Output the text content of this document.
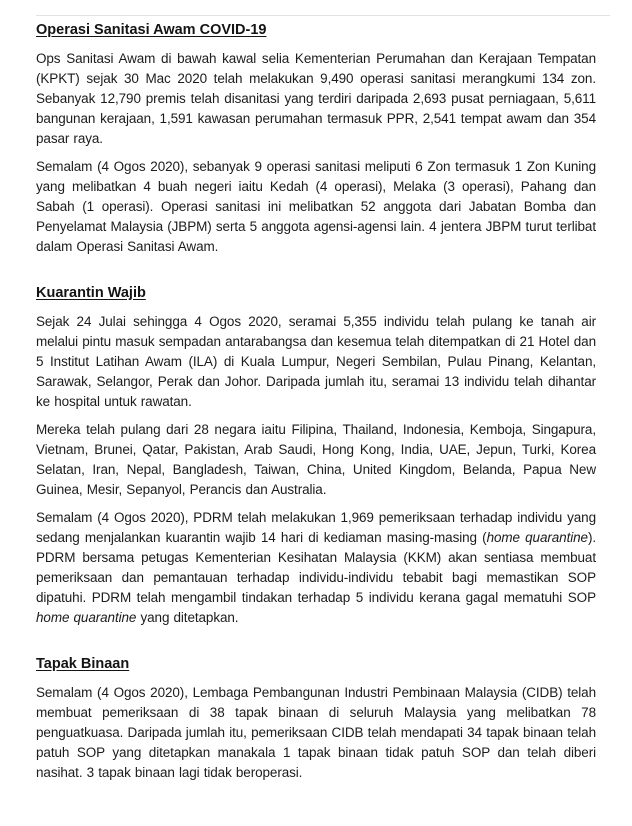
Operasi Sanitasi Awam COVID-19

Ops Sanitasi Awam di bawah kawal selia Kementerian Perumahan dan Kerajaan Tempatan (KPKT) sejak 30 Mac 2020 telah melakukan 9,490 operasi sanitasi merangkumi 134 zon. Sebanyak 12,790 premis telah disanitasi yang terdiri daripada 2,693 pusat perniagaan, 5,611 bangunan kerajaan, 1,591 kawasan perumahan termasuk PPR, 2,541 tempat awam dan 354 pasar raya.

Semalam (4 Ogos 2020), sebanyak 9 operasi sanitasi meliputi 6 Zon termasuk 1 Zon Kuning yang melibatkan 4 buah negeri iaitu Kedah (4 operasi), Melaka (3 operasi), Pahang dan Sabah (1 operasi). Operasi sanitasi ini melibatkan 52 anggota dari Jabatan Bomba dan Penyelamat Malaysia (JBPM) serta 5 anggota agensi-agensi lain. 4 jentera JBPM turut terlibat dalam Operasi Sanitasi Awam.

Kuarantin Wajib

Sejak 24 Julai sehingga 4 Ogos 2020, seramai 5,355 individu telah pulang ke tanah air melalui pintu masuk sempadan antarabangsa dan kesemua telah ditempatkan di 21 Hotel dan 5 Institut Latihan Awam (ILA) di Kuala Lumpur, Negeri Sembilan, Pulau Pinang, Kelantan, Sarawak, Selangor, Perak dan Johor. Daripada jumlah itu, seramai 13 individu telah dihantar ke hospital untuk rawatan.

Mereka telah pulang dari 28 negara iaitu Filipina, Thailand, Indonesia, Kemboja, Singapura, Vietnam, Brunei, Qatar, Pakistan, Arab Saudi, Hong Kong, India, UAE, Jepun, Turki, Korea Selatan, Iran, Nepal, Bangladesh, Taiwan, China, United Kingdom, Belanda, Papua New Guinea, Mesir, Sepanyol, Perancis dan Australia.

Semalam (4 Ogos 2020), PDRM telah melakukan 1,969 pemeriksaan terhadap individu yang sedang menjalankan kuarantin wajib 14 hari di kediaman masing-masing (home quarantine). PDRM bersama petugas Kementerian Kesihatan Malaysia (KKM) akan sentiasa membuat pemeriksaan dan pemantauan terhadap individu-individu tebabit bagi memastikan SOP dipatuhi. PDRM telah mengambil tindakan terhadap 5 individu kerana gagal mematuhi SOP home quarantine yang ditetapkan.

Tapak Binaan

Semalam (4 Ogos 2020), Lembaga Pembangunan Industri Pembinaan Malaysia (CIDB) telah membuat pemeriksaan di 38 tapak binaan di seluruh Malaysia yang melibatkan 78 penguatkuasa. Daripada jumlah itu, pemeriksaan CIDB telah mendapati 34 tapak binaan telah patuh SOP yang ditetapkan manakala 1 tapak binaan tidak patuh SOP dan telah diberi nasihat. 3 tapak binaan lagi tidak beroperasi.
